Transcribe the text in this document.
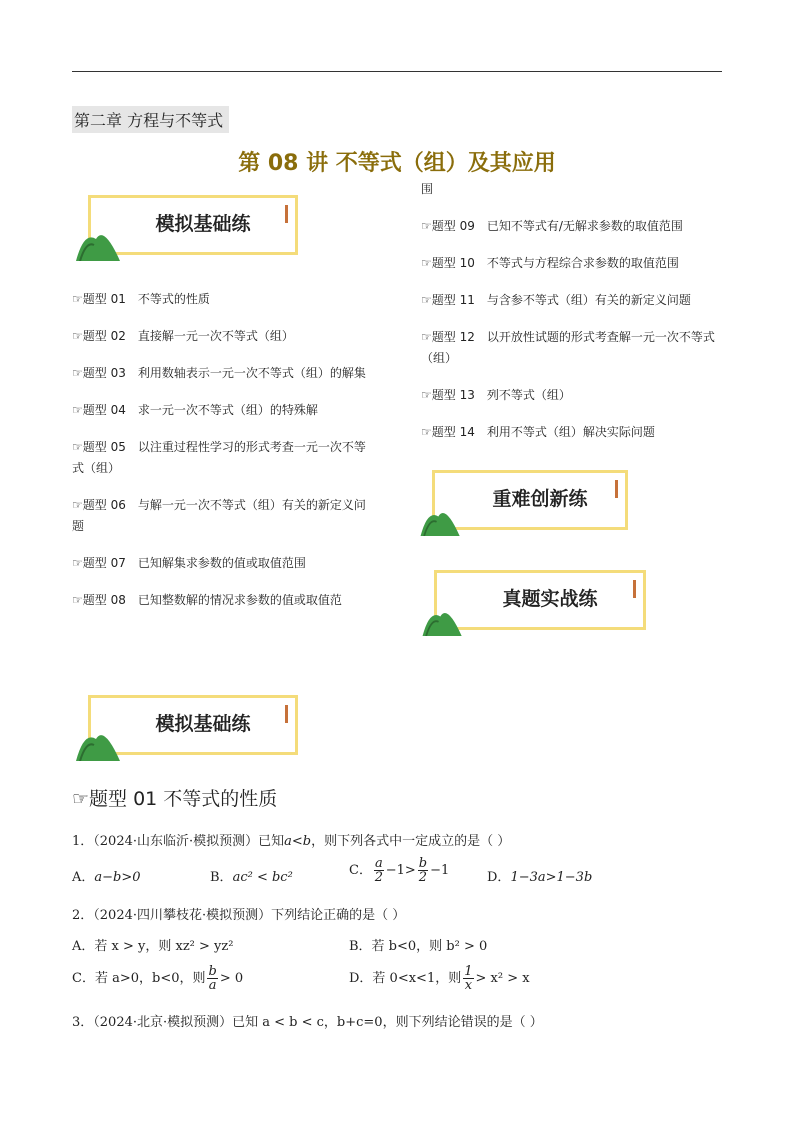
第二章 方程与不等式
第 08 讲 不等式（组）及其应用
模拟基础练
☞题型 01 不等式的性质
☞题型 02 直接解一元一次不等式（组）
☞题型 03 利用数轴表示一元一次不等式（组）的解集
☞题型 04 求一元一次不等式（组）的特殊解
☞题型 05 以注重过程性学习的形式考查一元一次不等式（组）
☞题型 06 与解一元一次不等式（组）有关的新定义问题
☞题型 07 已知解集求参数的值或取值范围
☞题型 08 已知整数解的情况求参数的值或取值范
围
☞题型 09 已知不等式有/无解求参数的取值范围
☞题型 10 不等式与方程综合求参数的取值范围
☞题型 11 与含参不等式（组）有关的新定义问题
☞题型 12 以开放性试题的形式考查解一元一次不等式（组）
☞题型 13 列不等式（组）
☞题型 14 利用不等式（组）解决实际问题
重难创新练
真题实战练
模拟基础练
☞题型 01 不等式的性质
1．（2024·山东临沂·模拟预测）已知a<b，则下列各式中一定成立的是（ ）
A．a−b>0	B．ac² < bc²	C． $\frac{a}{2} -1> \frac{b}{2} -1$	D．1−3a>1−3b
2．（2024·四川攀枝花·模拟预测）下列结论正确的是（ ）
A．若 x > y，则 xz² > yz²	B．若 b<0，则 b² > 0
C．若 a>0，b<0，则 $\frac{b}{a} > 0$	D．若 0<x<1，则 $\frac{1}{x} > x^2 > x$
3．（2024·北京·模拟预测）已知 a < b < c，b+c=0，则下列结论错误的是（ ）
